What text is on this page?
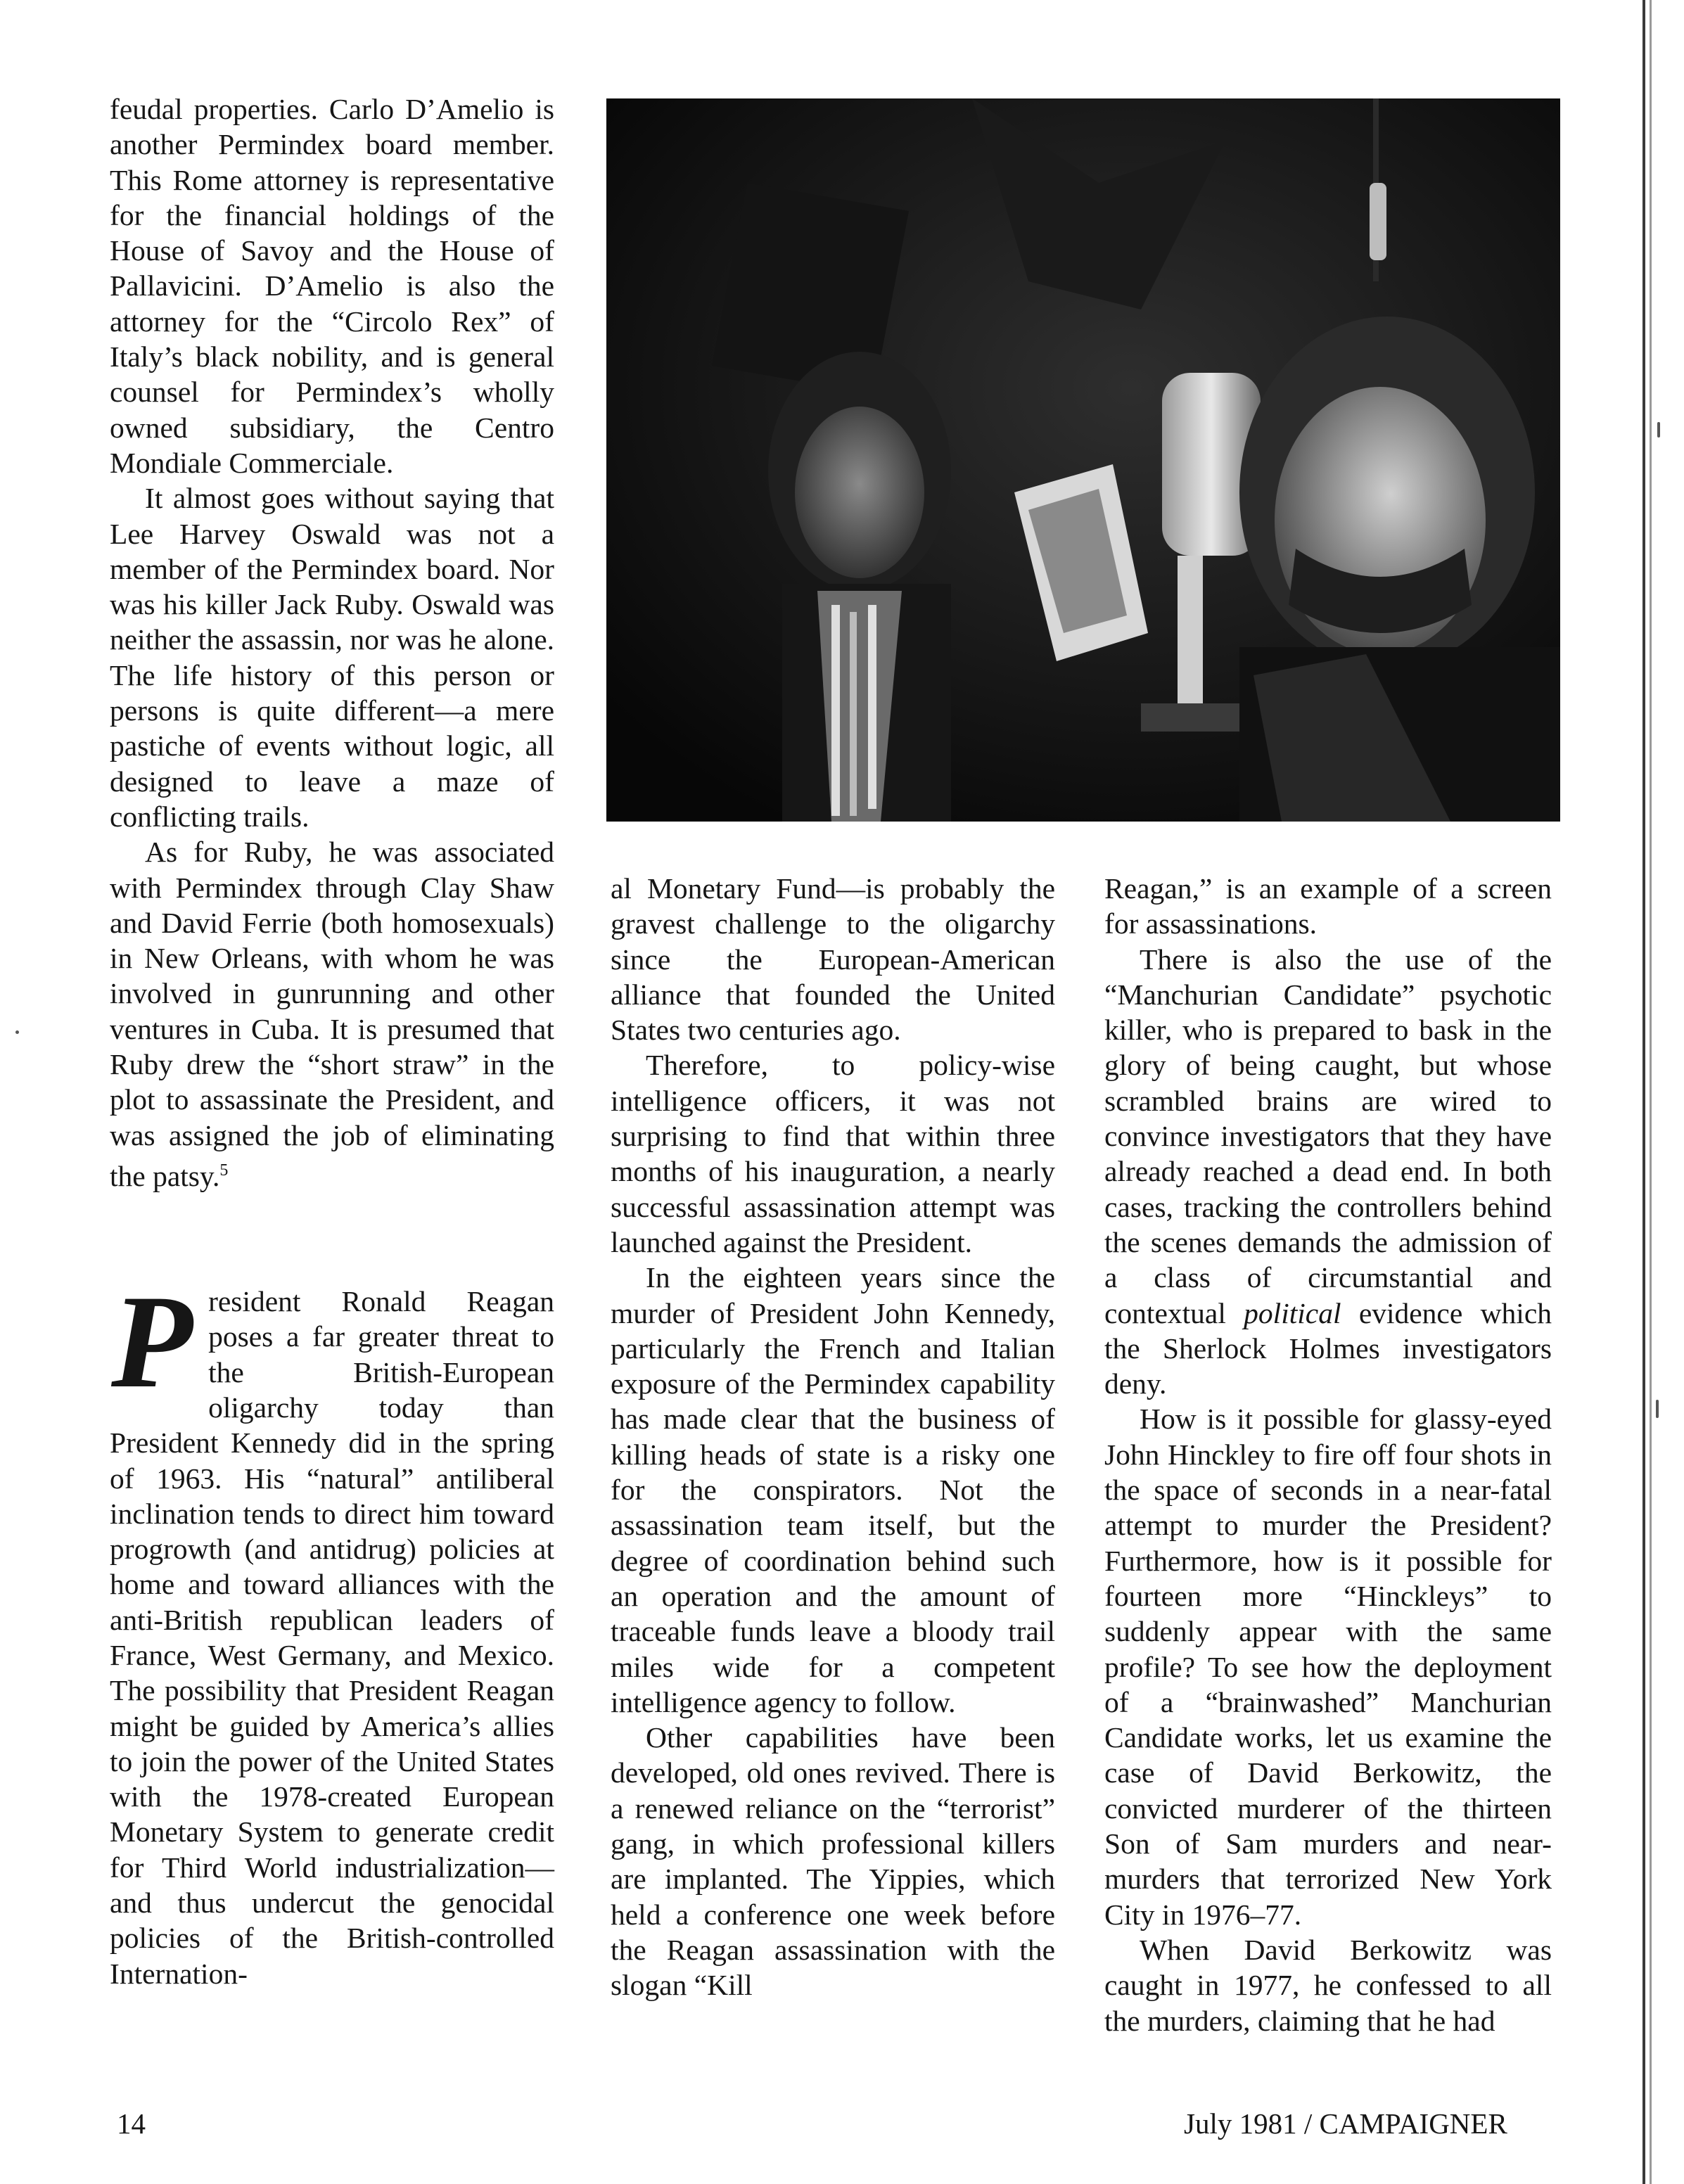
feudal properties. Carlo D’Amelio is another Permindex board member. This Rome attorney is representative for the financial holdings of the House of Savoy and the House of Pallavicini. D’Amelio is also the attorney for the “Circolo Rex” of Italy’s black nobility, and is general counsel for Permindex’s wholly owned subsidiary, the Centro Mondiale Commerciale.

It almost goes without saying that Lee Harvey Oswald was not a member of the Permindex board. Nor was his killer Jack Ruby. Oswald was neither the assassin, nor was he alone. The life history of this person or persons is quite different—a mere pastiche of events without logic, all designed to leave a maze of conflicting trails.

As for Ruby, he was associated with Permindex through Clay Shaw and David Ferrie (both homosexuals) in New Orleans, with whom he was involved in gunrunning and other ventures in Cuba. It is presumed that Ruby drew the “short straw” in the plot to assassinate the President, and was assigned the job of eliminating the patsy.$^5$

President Ronald Reagan poses a far greater threat to the British-European oligarchy today than President Kennedy did in the spring of 1963. His “natural” antiliberal inclination tends to direct him toward progrowth (and antidrug) policies at home and toward alliances with the anti-British republican leaders of France, West Germany, and Mexico. The possibility that President Reagan might be guided by America’s allies to join the power of the United States with the 1978-created European Monetary System to generate credit for Third World industrialization—and thus undercut the genocidal policies of the British-controlled Internation-

al Monetary Fund—is probably the gravest challenge to the oligarchy since the European-American alliance that founded the United States two centuries ago.

Therefore, to policy-wise intelligence officers, it was not surprising to find that within three months of his inauguration, a nearly successful assassination attempt was launched against the President.

In the eighteen years since the murder of President John Kennedy, particularly the French and Italian exposure of the Permindex capability has made clear that the business of killing heads of state is a risky one for the conspirators. Not the assassination team itself, but the degree of coordination behind such an operation and the amount of traceable funds leave a bloody trail miles wide for a competent intelligence agency to follow.

Other capabilities have been developed, old ones revived. There is a renewed reliance on the “terrorist” gang, in which professional killers are implanted. The Yippies, which held a conference one week before the Reagan assassination with the slogan “Kill

Reagan,” is an example of a screen for assassinations.

There is also the use of the “Manchurian Candidate” psychotic killer, who is prepared to bask in the glory of being caught, but whose scrambled brains are wired to convince investigators that they have already reached a dead end. In both cases, tracking the controllers behind the scenes demands the admission of a class of circumstantial and contextual political evidence which the Sherlock Holmes investigators deny.

How is it possible for glassy-eyed John Hinckley to fire off four shots in the space of seconds in a near-fatal attempt to murder the President? Furthermore, how is it possible for fourteen more “Hinckleys” to suddenly appear with the same profile? To see how the deployment of a “brainwashed” Manchurian Candidate works, let us examine the case of David Berkowitz, the convicted murderer of the thirteen Son of Sam murders and near-murders that terrorized New York City in 1976–77.

When David Berkowitz was caught in 1977, he confessed to all the murders, claiming that he had

14	July 1981 / CAMPAIGNER
